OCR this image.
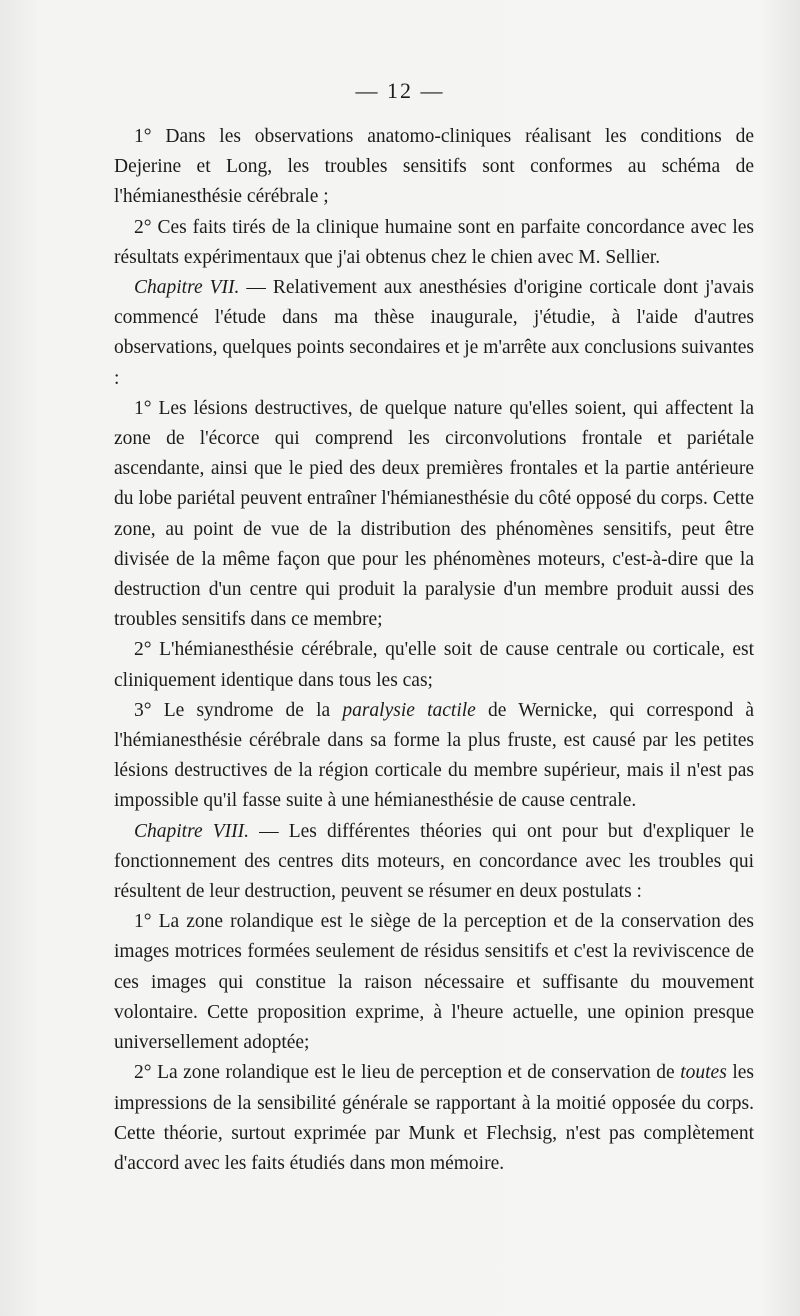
— 12 —

1° Dans les observations anatomo-cliniques réalisant les conditions de Dejerine et Long, les troubles sensitifs sont conformes au schéma de l'hémianesthésie cérébrale ;

2° Ces faits tirés de la clinique humaine sont en parfaite concordance avec les résultats expérimentaux que j'ai obtenus chez le chien avec M. Sellier.

Chapitre VII. — Relativement aux anesthésies d'origine corticale dont j'avais commencé l'étude dans ma thèse inaugurale, j'étudie, à l'aide d'autres observations, quelques points secondaires et je m'arrête aux conclusions suivantes :

1° Les lésions destructives, de quelque nature qu'elles soient, qui affectent la zone de l'écorce qui comprend les circonvolutions frontale et pariétale ascendante, ainsi que le pied des deux premières frontales et la partie antérieure du lobe pariétal peuvent entraîner l'hémianesthésie du côté opposé du corps. Cette zone, au point de vue de la distribution des phénomènes sensitifs, peut être divisée de la même façon que pour les phénomènes moteurs, c'est-à-dire que la destruction d'un centre qui produit la paralysie d'un membre produit aussi des troubles sensitifs dans ce membre;

2° L'hémianesthésie cérébrale, qu'elle soit de cause centrale ou corticale, est cliniquement identique dans tous les cas;

3° Le syndrome de la paralysie tactile de Wernicke, qui correspond à l'hémianesthésie cérébrale dans sa forme la plus fruste, est causé par les petites lésions destructives de la région corticale du membre supérieur, mais il n'est pas impossible qu'il fasse suite à une hémianesthésie de cause centrale.

Chapitre VIII. — Les différentes théories qui ont pour but d'expliquer le fonctionnement des centres dits moteurs, en concordance avec les troubles qui résultent de leur destruction, peuvent se résumer en deux postulats :

1° La zone rolandique est le siège de la perception et de la conservation des images motrices formées seulement de résidus sensitifs et c'est la reviviscence de ces images qui constitue la raison nécessaire et suffisante du mouvement volontaire. Cette proposition exprime, à l'heure actuelle, une opinion presque universellement adoptée;

2° La zone rolandique est le lieu de perception et de conservation de toutes les impressions de la sensibilité générale se rapportant à la moitié opposée du corps. Cette théorie, surtout exprimée par Munk et Flechsig, n'est pas complètement d'accord avec les faits étudiés dans mon mémoire.
